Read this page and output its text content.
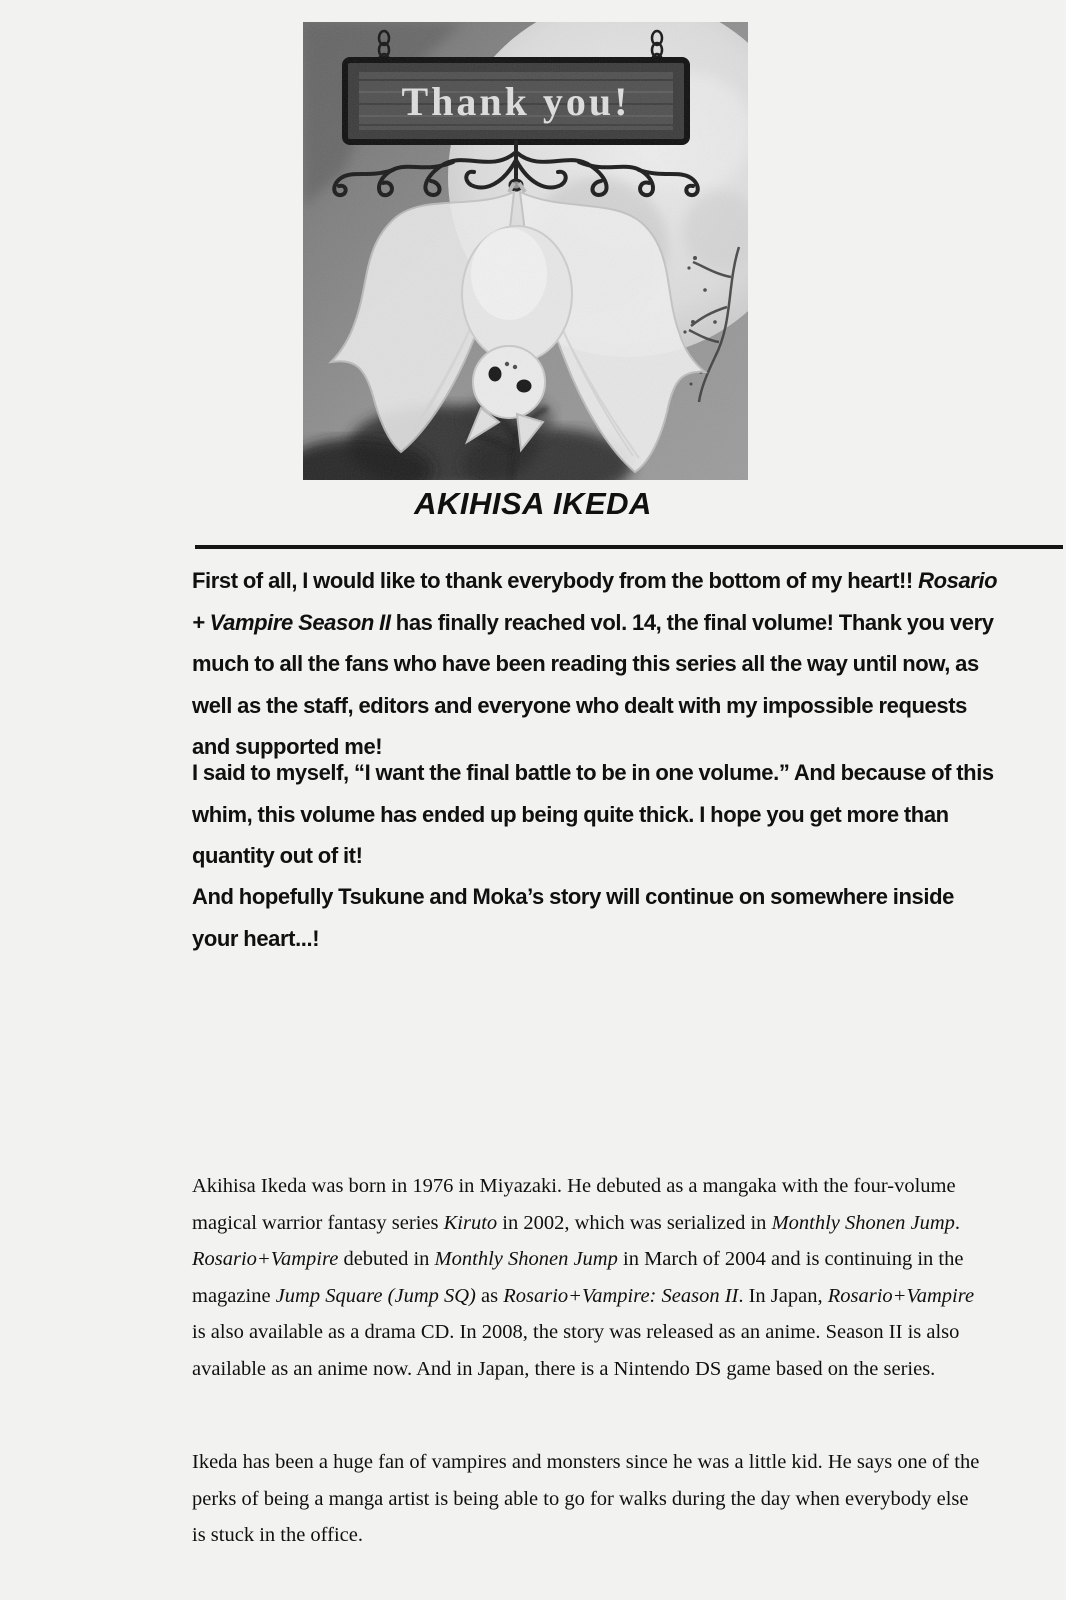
AKIHISA IKEDA

First of all, I would like to thank everybody from the bottom of my heart!! Rosario + Vampire Season II has finally reached vol. 14, the final volume! Thank you very much to all the fans who have been reading this series all the way until now, as well as the staff, editors and everyone who dealt with my impossible requests and supported me!

I said to myself, “I want the final battle to be in one volume.” And because of this whim, this volume has ended up being quite thick. I hope you get more than quantity out of it!

And hopefully Tsukune and Moka’s story will continue on somewhere inside your heart...!

Akihisa Ikeda was born in 1976 in Miyazaki. He debuted as a mangaka with the four-volume magical warrior fantasy series Kiruto in 2002, which was serialized in Monthly Shonen Jump. Rosario+Vampire debuted in Monthly Shonen Jump in March of 2004 and is continuing in the magazine Jump Square (Jump SQ) as Rosario+Vampire: Season II. In Japan, Rosario+Vampire is also available as a drama CD. In 2008, the story was released as an anime. Season II is also available as an anime now. And in Japan, there is a Nintendo DS game based on the series.

Ikeda has been a huge fan of vampires and monsters since he was a little kid. He says one of the perks of being a manga artist is being able to go for walks during the day when everybody else is stuck in the office.
